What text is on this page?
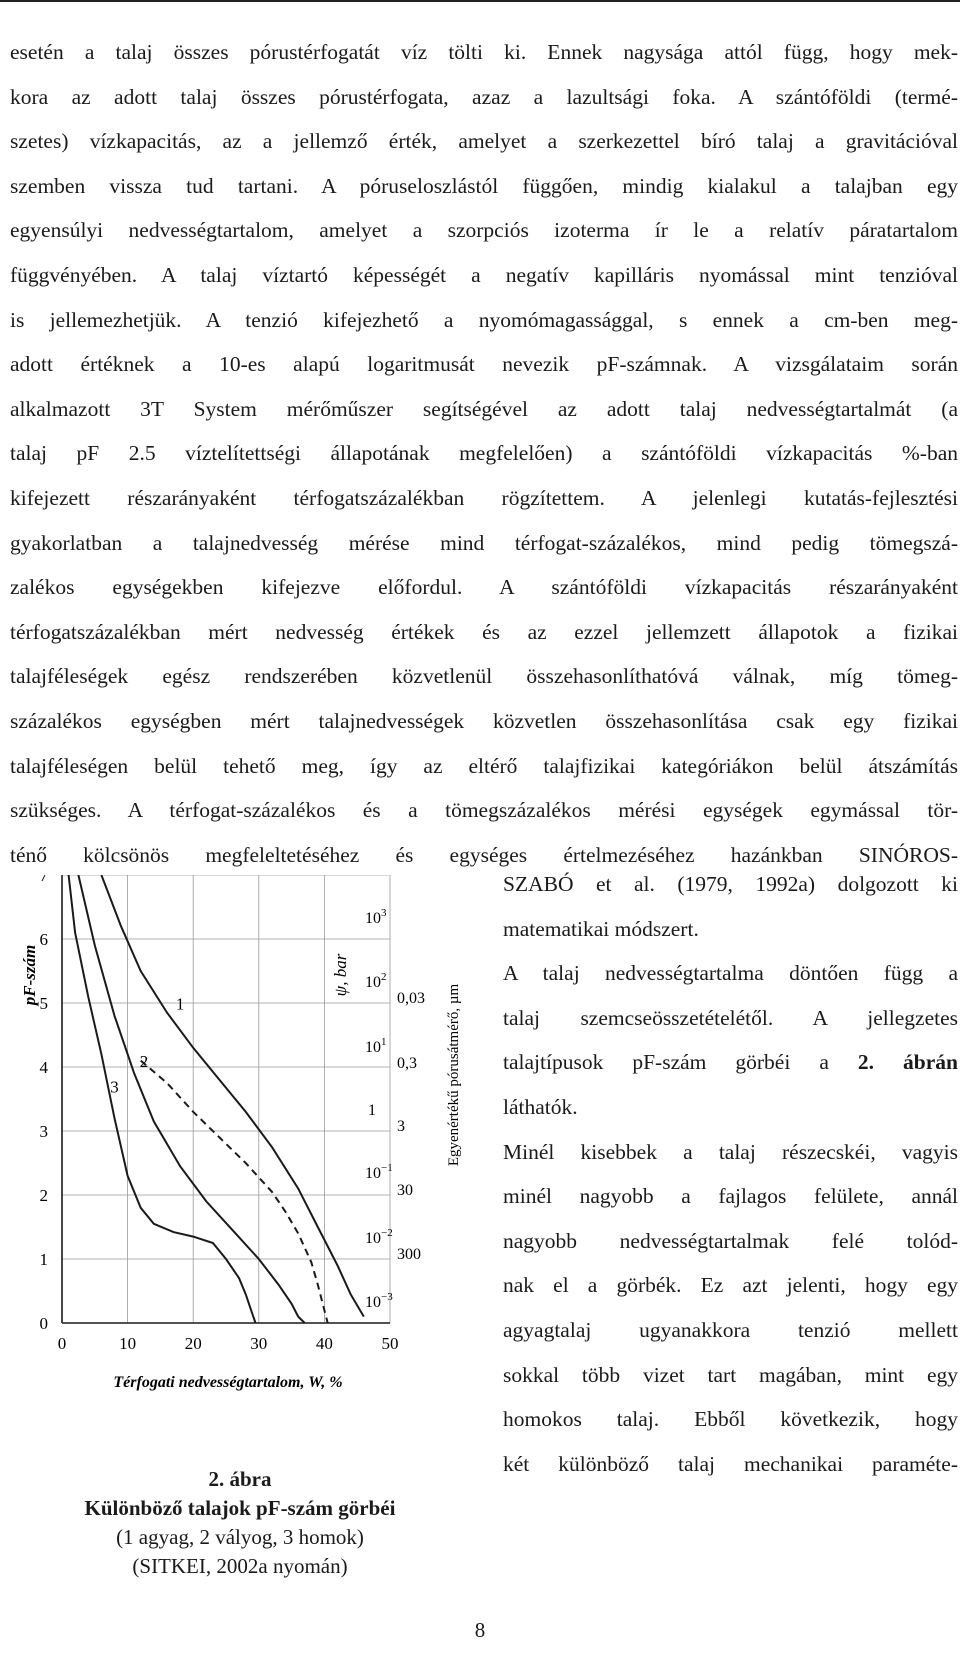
esetén a talaj összes pórustérfogatát víz tölti ki. Ennek nagysága attól függ, hogy mek-
kora az adott talaj összes pórustérfogata, azaz a lazultsági foka. A szántóföldi (termé-
szetes) vízkapacitás, az a jellemző érték, amelyet a szerkezettel bíró talaj a gravitációval
szemben vissza tud tartani. A póruseloszlástól függően, mindig kialakul a talajban egy
egyensúlyi nedvességtartalom, amelyet a szorpciós izoterma ír le a relatív páratartalom
függvényében. A talaj víztartó képességét a negatív kapilláris nyomással mint tenzióval
is jellemezhetjük. A tenzió kifejezhető a nyomómagassággal, s ennek a cm-ben meg-
adott értéknek a 10-es alapú logaritmusát nevezik pF-számnak. A vizsgálataim során
alkalmazott 3T System mérőműszer segítségével az adott talaj nedvességtartalmát (a
talaj pF 2.5 víztelítettségi állapotának megfelelően) a szántóföldi vízkapacitás %-ban
kifejezett részarányaként térfogatszázalékban rögzítettem. A jelenlegi kutatás-fejlesztési
gyakorlatban a talajnedvesség mérése mind térfogat-százalékos, mind pedig tömegszá-
zalékos egységekben kifejezve előfordul. A szántóföldi vízkapacitás részarányaként
térfogatszázalékban mért nedvesség értékek és az ezzel jellemzett állapotok a fizikai
talajféleségek egész rendszerében közvetlenül összehasonlíthatóvá válnak, míg tömeg-
százalékos egységben mért talajnedvességek közvetlen összehasonlítása csak egy fizikai
talajféleségen belül tehető meg, így az eltérő talajfizikai kategóriákon belül átszámítás
szükséges. A térfogat-százalékos és a tömegszázalékos mérési egységek egymással tör-
ténő kölcsönös megfeleltetéséhez és egységes értelmezéséhez hazánkban SINÓROS-
SZABÓ et al. (1979, 1992a) dolgozott ki
matematikai módszert.
A talaj nedvességtartalma döntően függ a
talaj szemcseösszetételétől. A jellegzetes
talajtípusok pF-szám görbéi a 2. ábrán
láthatók.
Minél kisebbek a talaj részecskéi, vagyis
minél nagyobb a fajlagos felülete, annál
nagyobb nedvességtartalmak felé tolód-
nak el a görbék. Ez azt jelenti, hogy egy
agyagtalaj ugyanakkora tenzió mellett
sokkal több vizet tart magában, mint egy
homokos talaj. Ebből következik, hogy
két különböző talaj mechanikai paraméte-
0
1
2
3
4
5
6
7
0	10	20	30	40	50
1
2
3
pF-szám	ψ, bar
$10^3$
$10^2$
$10^1$
1
$10^{-1}$
$10^{-2}$
$10^{-3}$
0,03
0,3
3
30
300
Egyenértékű pórusátmérő, µm
Térfogati nedvességtartalom, W, %
2. ábra
Különböző talajok pF-szám görbéi
(1 agyag, 2 vályog, 3 homok)
(SITKEI, 2002a nyomán)
8
